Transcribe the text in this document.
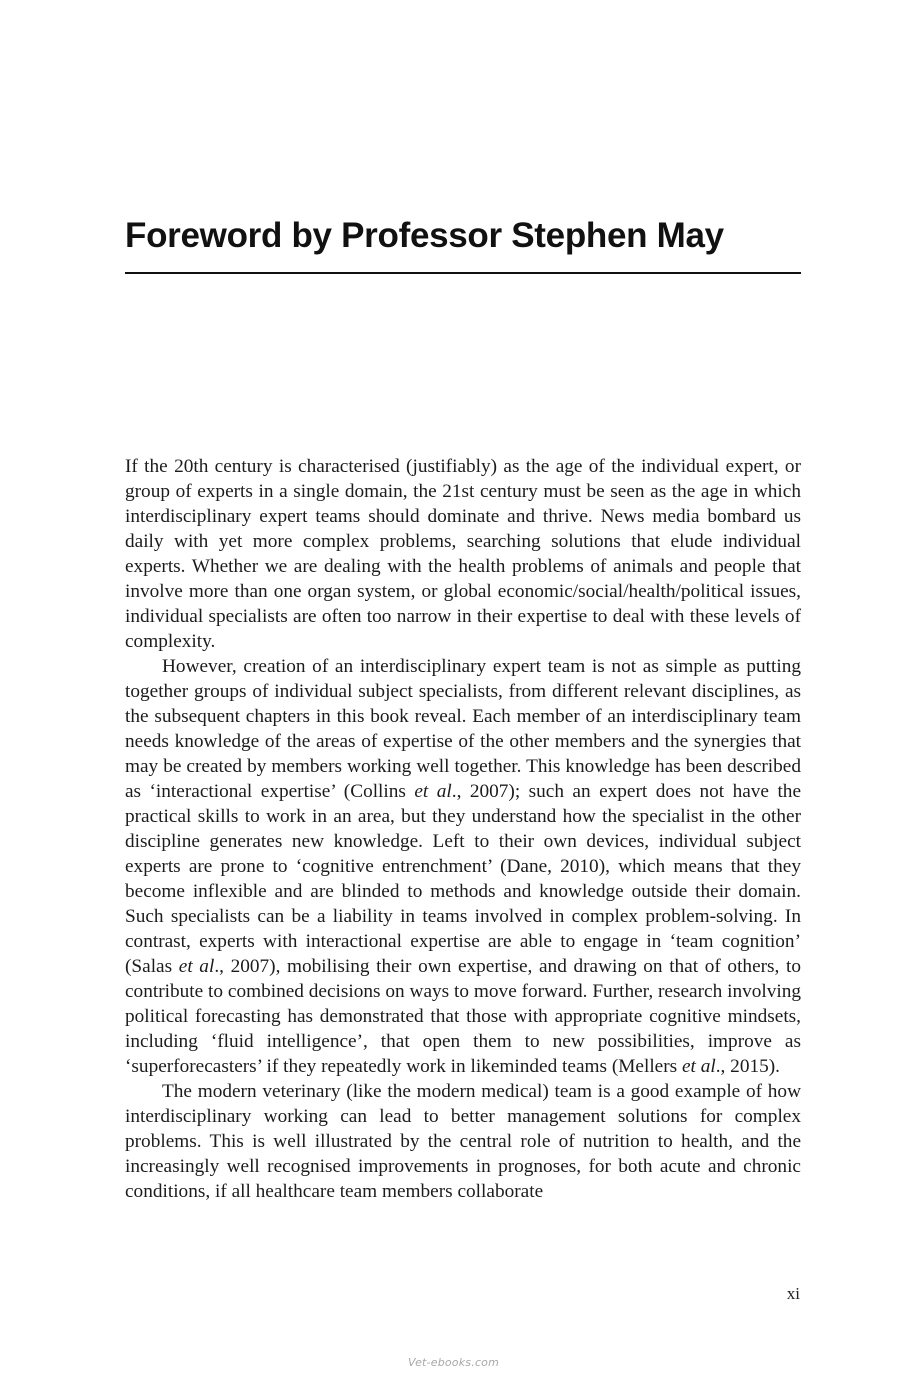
Foreword by Professor Stephen May

If the 20th century is characterised (justifiably) as the age of the individual expert, or group of experts in a single domain, the 21st century must be seen as the age in which interdisciplinary expert teams should dominate and thrive. News media bombard us daily with yet more complex problems, searching solutions that elude individual experts. Whether we are dealing with the health problems of animals and people that involve more than one organ system, or global economic/social/health/political issues, individual specialists are often too narrow in their expertise to deal with these levels of complexity.

However, creation of an interdisciplinary expert team is not as simple as putting together groups of individual subject specialists, from different relevant disciplines, as the subsequent chapters in this book reveal. Each member of an interdisciplinary team needs knowledge of the areas of expertise of the other members and the synergies that may be created by members working well together. This knowledge has been described as ‘interactional expertise’ (Collins et al., 2007); such an expert does not have the practical skills to work in an area, but they understand how the specialist in the other discipline generates new knowledge. Left to their own devices, individual subject experts are prone to ‘cognitive entrenchment’ (Dane, 2010), which means that they become inflexible and are blinded to methods and knowledge outside their domain. Such specialists can be a liability in teams involved in complex problem-solving. In contrast, experts with interactional expertise are able to engage in ‘team cognition’ (Salas et al., 2007), mobilising their own expertise, and drawing on that of others, to contribute to combined decisions on ways to move forward. Further, research involving political forecasting has demonstrated that those with appropriate cognitive mindsets, including ‘fluid intelligence’, that open them to new possibilities, improve as ‘superforecasters’ if they repeatedly work in likeminded teams (Mellers et al., 2015).

The modern veterinary (like the modern medical) team is a good example of how interdisciplinary working can lead to better management solutions for complex problems. This is well illustrated by the central role of nutrition to health, and the increasingly well recognised improvements in prognoses, for both acute and chronic conditions, if all healthcare team members collaborate

xi
Vet-ebooks.com
